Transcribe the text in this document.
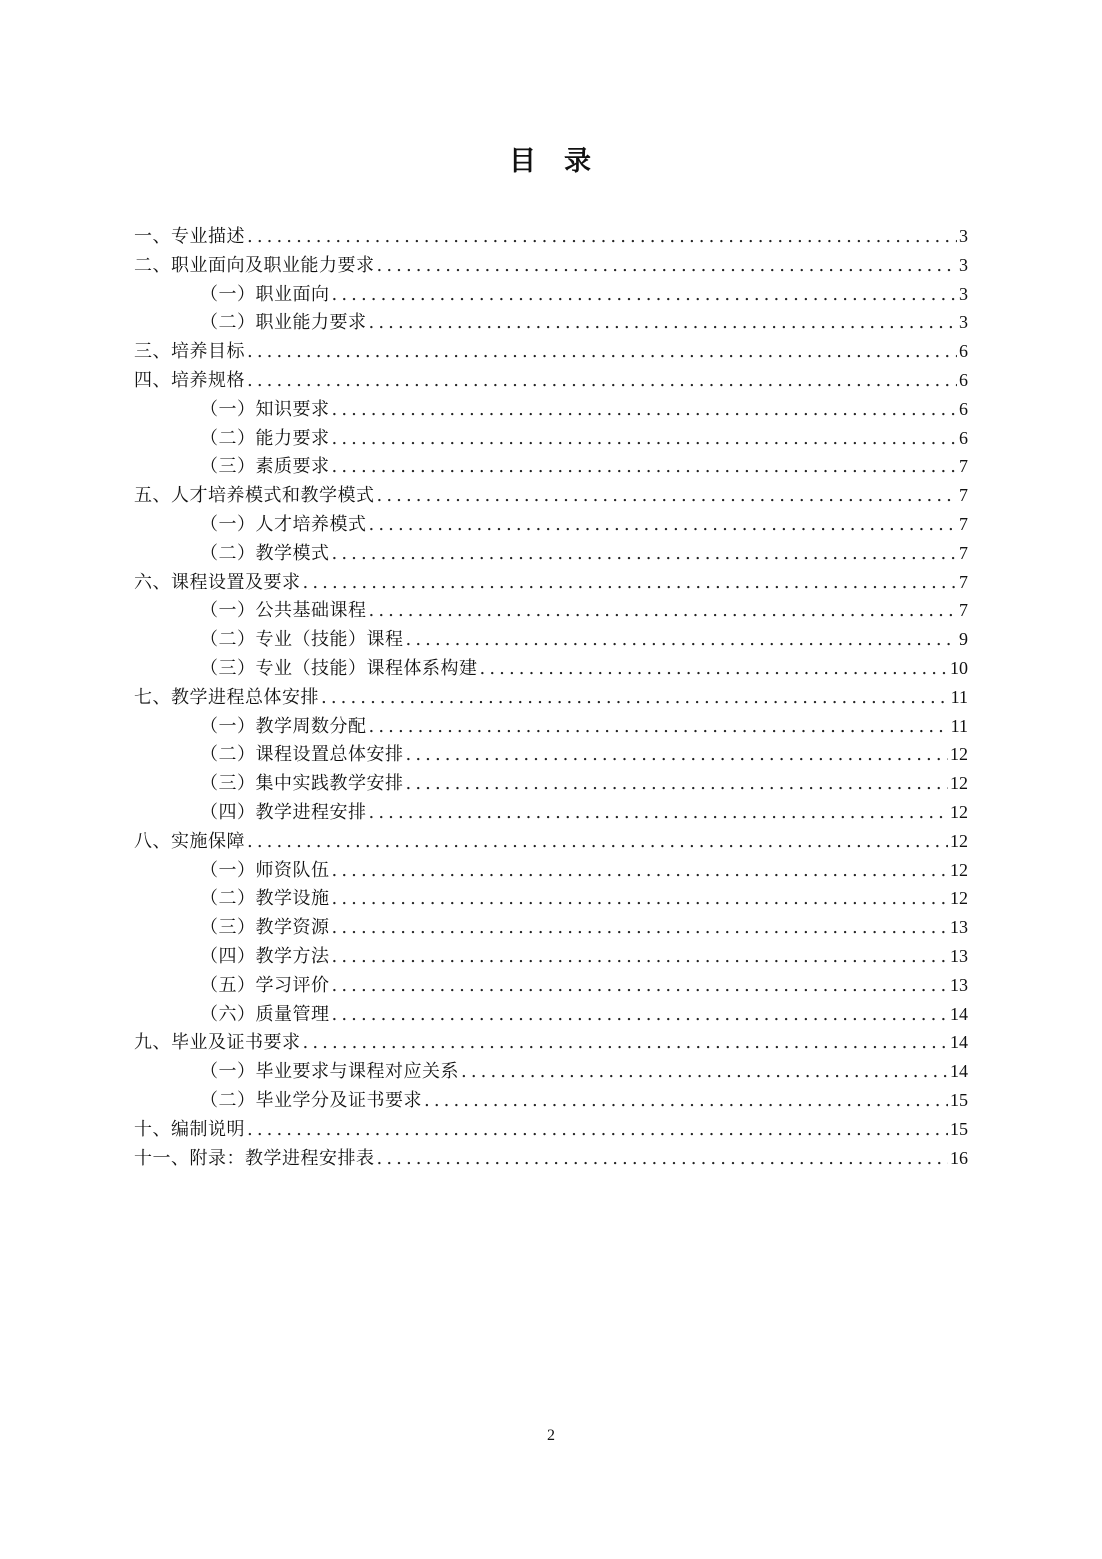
目 录
一、专业描述 .....	3
二、职业面向及职业能力要求 .....	3
（一）职业面向 .....	3
（二）职业能力要求 .....	3
三、培养目标 .....	6
四、培养规格 .....	6
（一）知识要求 .....	6
（二）能力要求 .....	6
（三）素质要求 .....	7
五、人才培养模式和教学模式 .....	7
（一）人才培养模式 .....	7
（二）教学模式 .....	7
六、课程设置及要求 .....	7
（一）公共基础课程 .....	7
（二）专业（技能）课程 .....	9
（三）专业（技能）课程体系构建 .....	10
七、教学进程总体安排 .....	11
（一）教学周数分配 .....	11
（二）课程设置总体安排 .....	12
（三）集中实践教学安排 .....	12
（四）教学进程安排 .....	12
八、实施保障 .....	12
（一）师资队伍 .....	12
（二）教学设施 .....	12
（三）教学资源 .....	13
（四）教学方法 .....	13
（五）学习评价 .....	13
（六）质量管理 .....	14
九、毕业及证书要求 .....	14
（一）毕业要求与课程对应关系 .....	14
（二）毕业学分及证书要求 .....	15
十、编制说明 .....	15
十一、附录：教学进程安排表 .....	16
2
